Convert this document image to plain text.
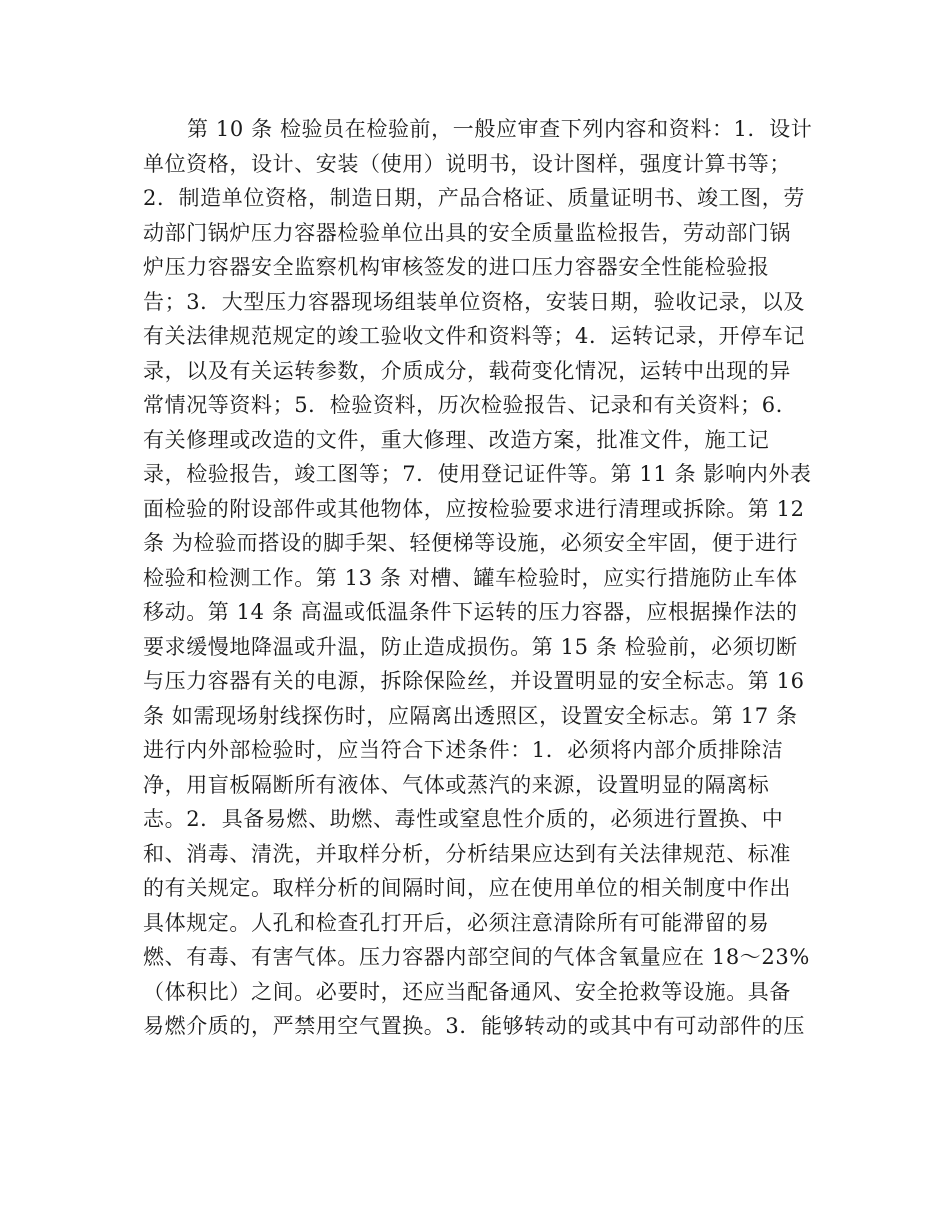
第 10 条 检验员在检验前，一般应审查下列内容和资料：1．设计
单位资格，设计、安装（使用）说明书，设计图样，强度计算书等；
2．制造单位资格，制造日期，产品合格证、质量证明书、竣工图，劳
动部门锅炉压力容器检验单位出具的安全质量监检报告，劳动部门锅
炉压力容器安全监察机构审核签发的进口压力容器安全性能检验报
告；3．大型压力容器现场组装单位资格，安装日期，验收记录，以及
有关法律规范规定的竣工验收文件和资料等；4．运转记录，开停车记
录，以及有关运转参数，介质成分，载荷变化情况，运转中出现的异
常情况等资料；5．检验资料，历次检验报告、记录和有关资料；6．
有关修理或改造的文件，重大修理、改造方案，批准文件，施工记
录，检验报告，竣工图等；7．使用登记证件等。第 11 条 影响内外表
面检验的附设部件或其他物体，应按检验要求进行清理或拆除。第 12
条 为检验而搭设的脚手架、轻便梯等设施，必须安全牢固，便于进行
检验和检测工作。第 13 条 对槽、罐车检验时，应实行措施防止车体
移动。第 14 条 高温或低温条件下运转的压力容器，应根据操作法的
要求缓慢地降温或升温，防止造成损伤。第 15 条 检验前，必须切断
与压力容器有关的电源，拆除保险丝，并设置明显的安全标志。第 16
条 如需现场射线探伤时，应隔离出透照区，设置安全标志。第 17 条
进行内外部检验时，应当符合下述条件：1．必须将内部介质排除洁
净，用盲板隔断所有液体、气体或蒸汽的来源，设置明显的隔离标
志。2．具备易燃、助燃、毒性或窒息性介质的，必须进行置换、中
和、消毒、清洗，并取样分析，分析结果应达到有关法律规范、标准
的有关规定。取样分析的间隔时间，应在使用单位的相关制度中作出
具体规定。人孔和检查孔打开后，必须注意清除所有可能滞留的易
燃、有毒、有害气体。压力容器内部空间的气体含氧量应在 18～23%
（体积比）之间。必要时，还应当配备通风、安全抢救等设施。具备
易燃介质的，严禁用空气置换。3．能够转动的或其中有可动部件的压
